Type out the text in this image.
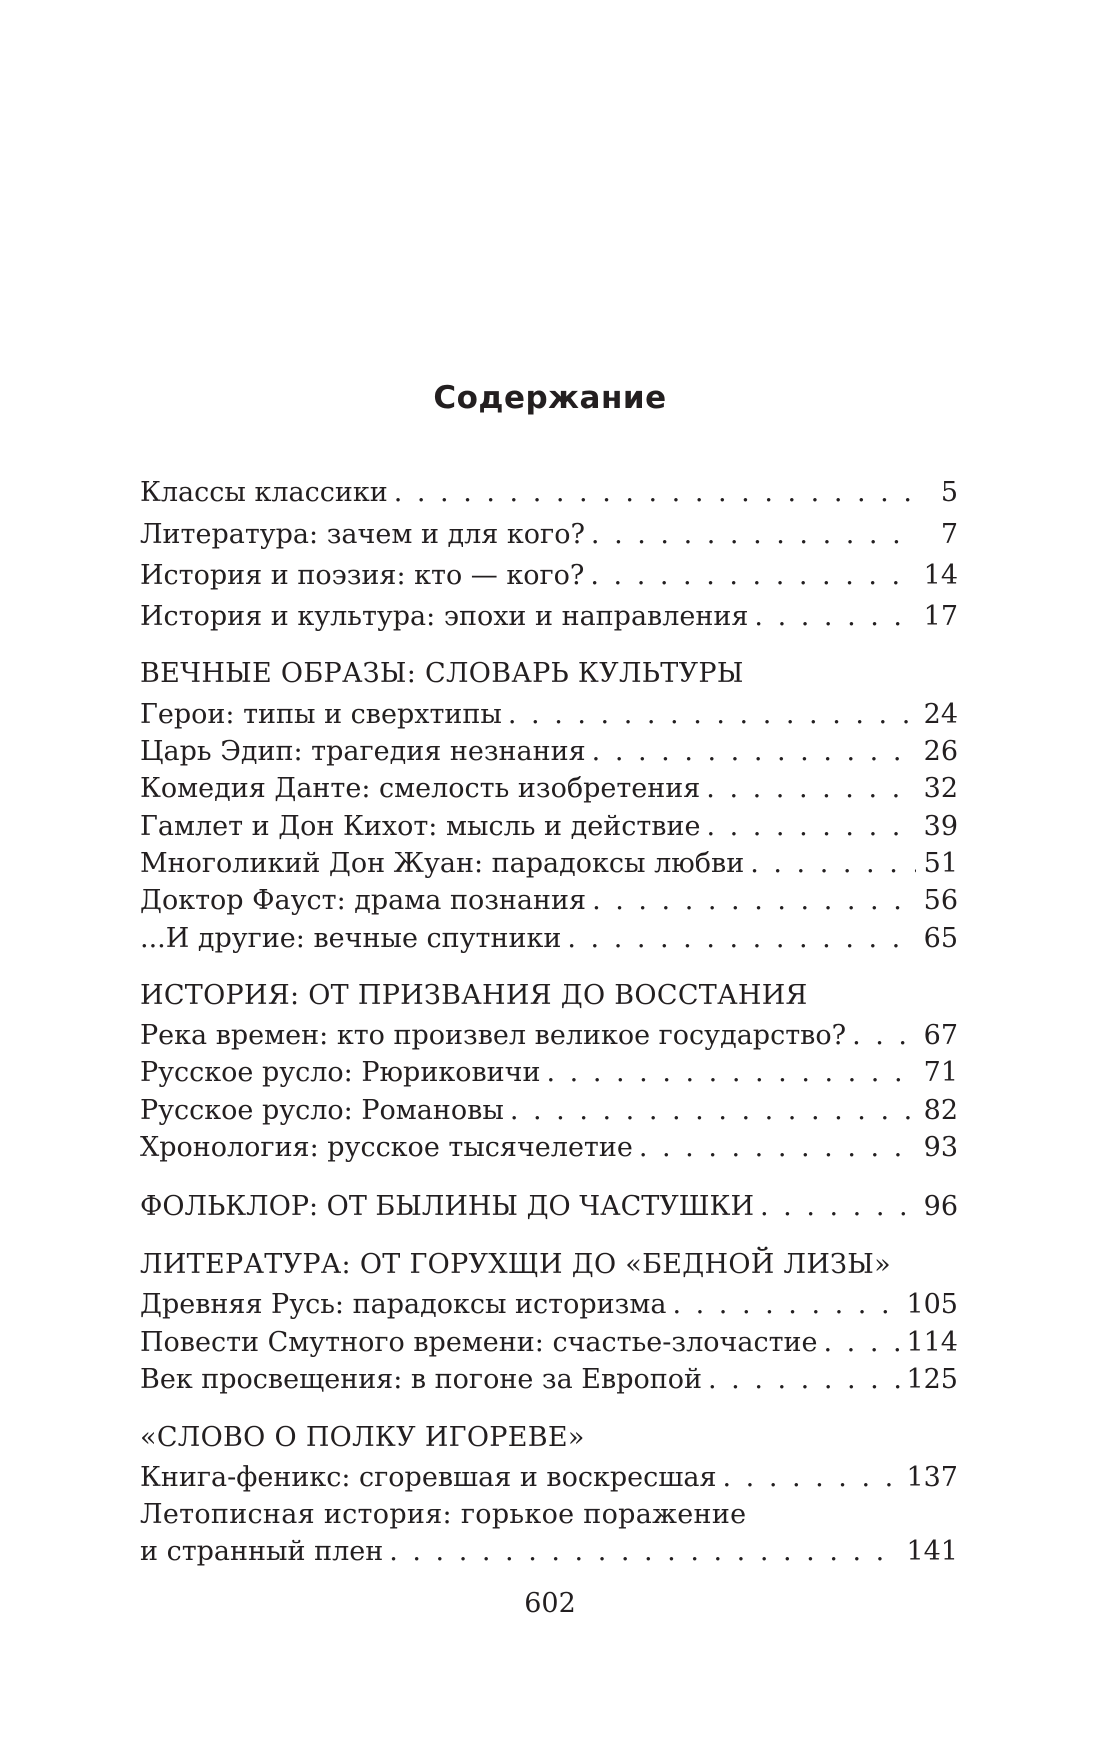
Содержание
Классы классики . . .	5
Литература: зачем и для кого? . . .	7
История и поэзия: кто — кого? . . .	14
История и культура: эпохи и направления . . .	17
ВЕЧНЫЕ ОБРАЗЫ: СЛОВАРЬ КУЛЬТУРЫ
Герои: типы и сверхтипы . . .	24
Царь Эдип: трагедия незнания . . .	26
Комедия Данте: смелость изобретения . . .	32
Гамлет и Дон Кихот: мысль и действие . . .	39
Многоликий Дон Жуан: парадоксы любви . . .	51
Доктор Фауст: драма познания . . .	56
...И другие: вечные спутники . . .	65
ИСТОРИЯ: ОТ ПРИЗВАНИЯ ДО ВОССТАНИЯ
Река времен: кто произвел великое государство? . . .	67
Русское русло: Рюриковичи . . .	71
Русское русло: Романовы . . .	82
Хронология: русское тысячелетие . . .	93
ФОЛЬКЛОР: ОТ БЫЛИНЫ ДО ЧАСТУШКИ . . .	96
ЛИТЕРАТУРА: ОТ ГОРУХЩИ ДО «БЕДНОЙ ЛИЗЫ»
Древняя Русь: парадоксы историзма . . .	105
Повести Смутного времени: счастье-злочастие . . .	114
Век просвещения: в погоне за Европой . . .	125
«СЛОВО О ПОЛКУ ИГОРЕВЕ»
Книга-феникс: сгоревшая и воскресшая . . .	137
Летописная история: горькое поражение
и странный плен . . .	141
602
